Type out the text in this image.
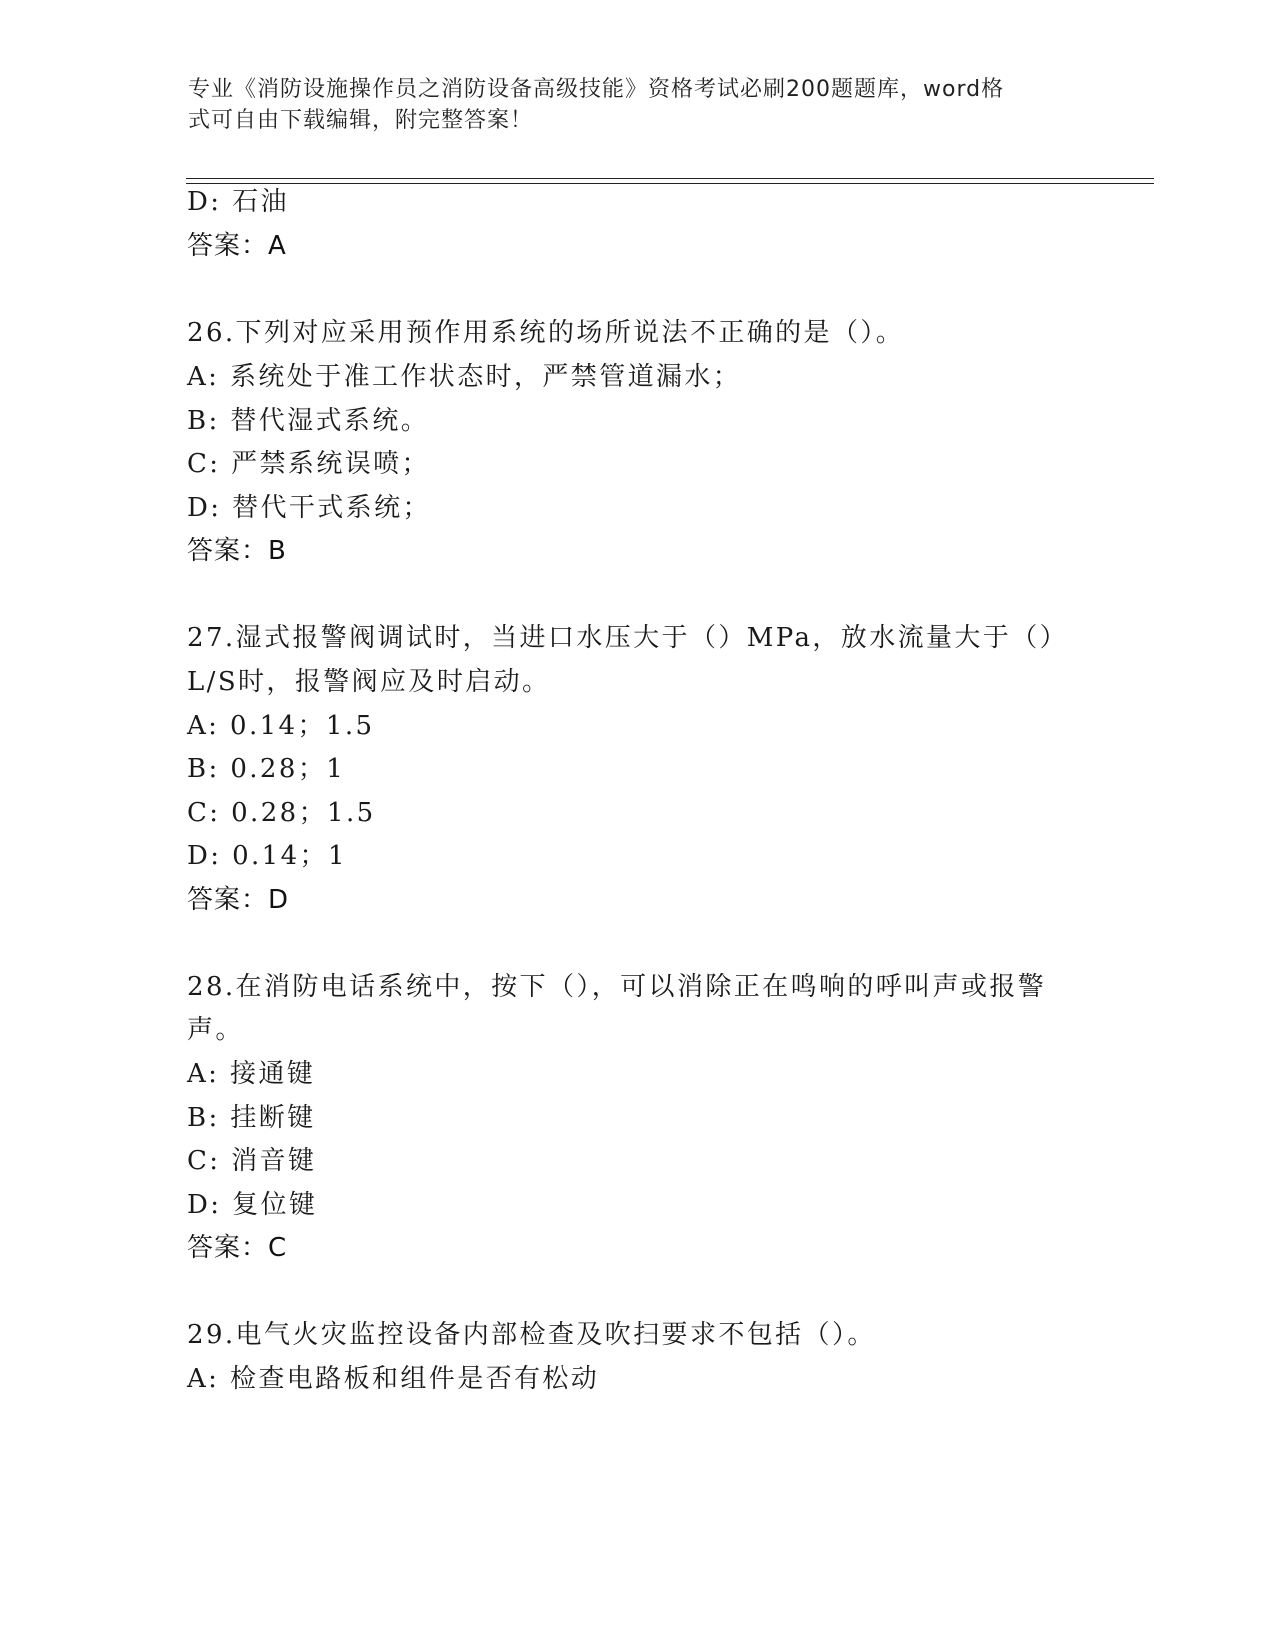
专业《消防设施操作员之消防设备高级技能》资格考试必刷200题题库，word格
式可自由下载编辑，附完整答案！
D: 石油
答案：A
26.下列对应采用预作用系统的场所说法不正确的是（）。
A: 系统处于准工作状态时，严禁管道漏水；
B: 替代湿式系统。
C: 严禁系统误喷；
D: 替代干式系统；
答案：B
27.湿式报警阀调试时，当进口水压大于（）MPa，放水流量大于（）
L/S时，报警阀应及时启动。
A: 0.14；1.5
B: 0.28；1
C: 0.28；1.5
D: 0.14；1
答案：D
28.在消防电话系统中，按下（），可以消除正在鸣响的呼叫声或报警
声。
A: 接通键
B: 挂断键
C: 消音键
D: 复位键
答案：C
29.电气火灾监控设备内部检查及吹扫要求不包括（）。
A: 检查电路板和组件是否有松动
